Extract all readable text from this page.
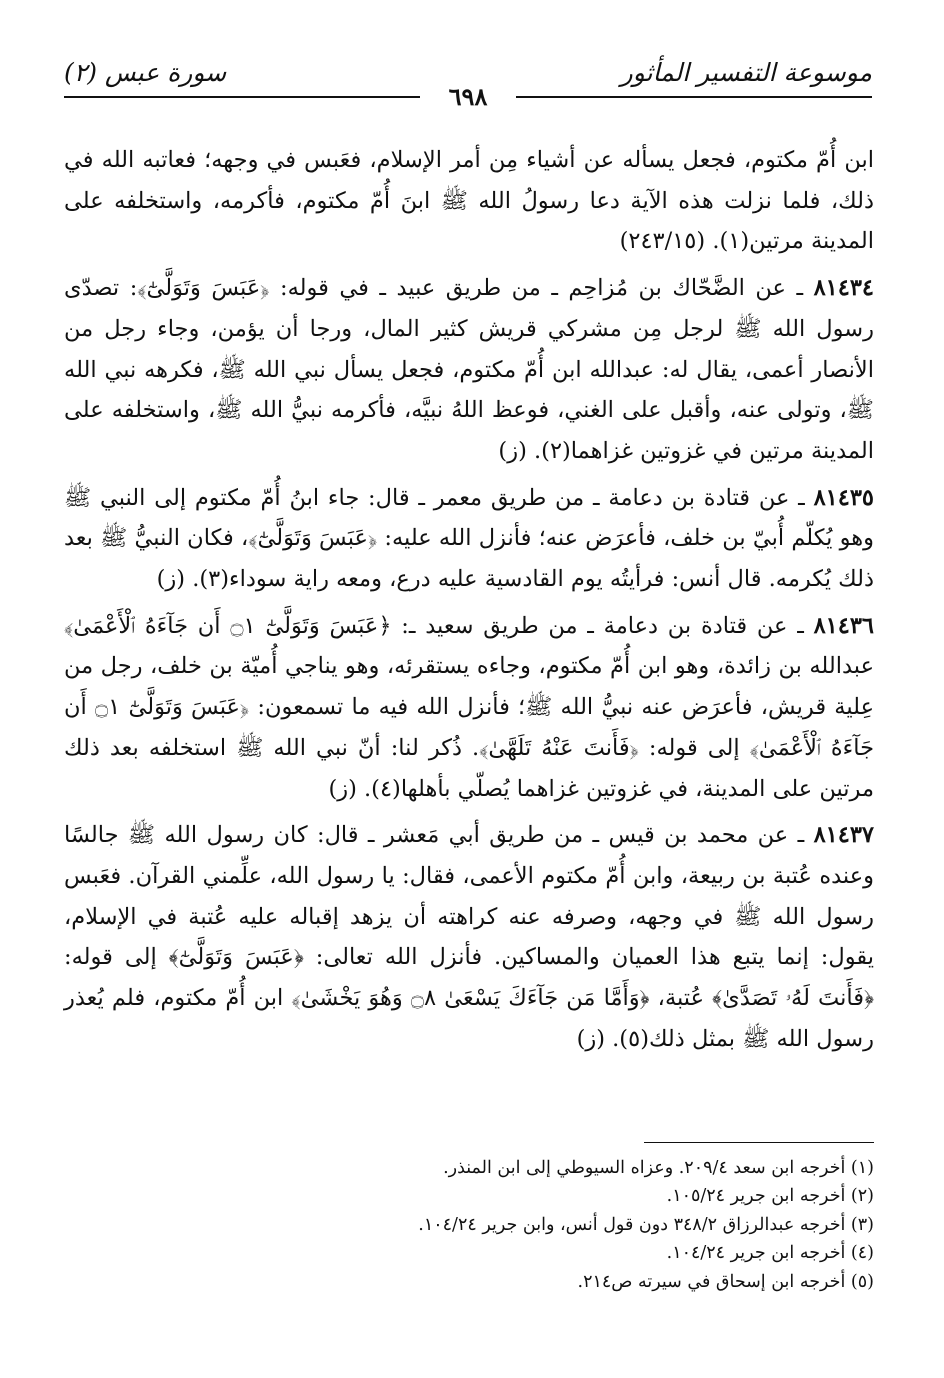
موسوعة التفسير المأثور
سورة عبس (٢)
٦٩٨

ابن أُمّ مكتوم، فجعل يسأله عن أشياء مِن أمر الإسلام، فعَبس في وجهه؛ فعاتبه الله في ذلك، فلما نزلت هذه الآية دعا رسولُ الله ﷺ ابنَ أُمّ مكتوم، فأكرمه، واستخلفه على المدينة مرتين(١). (٢٤٣/١٥)

٨١٤٣٤ ـ عن الضَّحّاك بن مُزاحِم ـ من طريق عبيد ـ في قوله: ﴿عَبَسَ وَتَوَلَّىٰٓ﴾: تصدّى رسول الله ﷺ لرجل مِن مشركي قريش كثير المال، ورجا أن يؤمن، وجاء رجل من الأنصار أعمى، يقال له: عبدالله ابن أُمّ مكتوم، فجعل يسأل نبي الله ﷺ، فكرهه نبي الله ﷺ، وتولى عنه، وأقبل على الغني، فوعظ اللهُ نبيَّه، فأكرمه نبيُّ الله ﷺ، واستخلفه على المدينة مرتين في غزوتين غزاهما(٢). (ز)

٨١٤٣٥ ـ عن قتادة بن دعامة ـ من طريق معمر ـ قال: جاء ابنُ أُمّ مكتوم إلى النبي ﷺ وهو يُكلّم أُبيّ بن خلف، فأعرَض عنه؛ فأنزل الله عليه: ﴿عَبَسَ وَتَوَلَّىٰٓ﴾، فكان النبيُّ ﷺ بعد ذلك يُكرمه. قال أنس: فرأيتُه يوم القادسية عليه درع، ومعه راية سوداء(٣). (ز)

٨١٤٣٦ ـ عن قتادة بن دعامة ـ من طريق سعيد ـ: ﴿عَبَسَ وَتَوَلَّىٰٓ ۝١ أَن جَآءَهُ ٱلْأَعْمَىٰ﴾ عبدالله بن زائدة، وهو ابن أُمّ مكتوم، وجاءه يستقرئه، وهو يناجي أُميّة بن خلف، رجل من عِلية قريش، فأعرَض عنه نبيُّ الله ﷺ؛ فأنزل الله فيه ما تسمعون: ﴿عَبَسَ وَتَوَلَّىٰٓ ۝١ أَن جَآءَهُ ٱلْأَعْمَىٰ﴾ إلى قوله: ﴿فَأَنتَ عَنْهُ تَلَهَّىٰ﴾. ذُكر لنا: أنّ نبي الله ﷺ استخلفه بعد ذلك مرتين على المدينة، في غزوتين غزاهما يُصلّي بأهلها(٤). (ز)

٨١٤٣٧ ـ عن محمد بن قيس ـ من طريق أبي مَعشر ـ قال: كان رسول الله ﷺ جالسًا وعنده عُتبة بن ربيعة، وابن أُمّ مكتوم الأعمى، فقال: يا رسول الله، علِّمني القرآن. فعَبس رسول الله ﷺ في وجهه، وصرفه عنه كراهته أن يزهد إقباله عليه عُتبة في الإسلام، يقول: إنما يتبع هذا العميان والمساكين. فأنزل الله تعالى: ﴿عَبَسَ وَتَوَلَّىٰٓ﴾ إلى قوله: ﴿فَأَنتَ لَهُۥ تَصَدَّىٰ﴾ عُتبة، ﴿وَأَمَّا مَن جَآءَكَ يَسْعَىٰ ۝٨ وَهُوَ يَخْشَىٰ﴾ ابن أُمّ مكتوم، فلم يُعذر رسول الله ﷺ بمثل ذلك(٥). (ز)

(١) أخرجه ابن سعد ٢٠٩/٤. وعزاه السيوطي إلى ابن المنذر.

(٢) أخرجه ابن جرير ١٠٥/٢٤.

(٣) أخرجه عبدالرزاق ٣٤٨/٢ دون قول أنس، وابن جرير ١٠٤/٢٤.

(٤) أخرجه ابن جرير ١٠٤/٢٤.

(٥) أخرجه ابن إسحاق في سيرته ص٢١٤.
